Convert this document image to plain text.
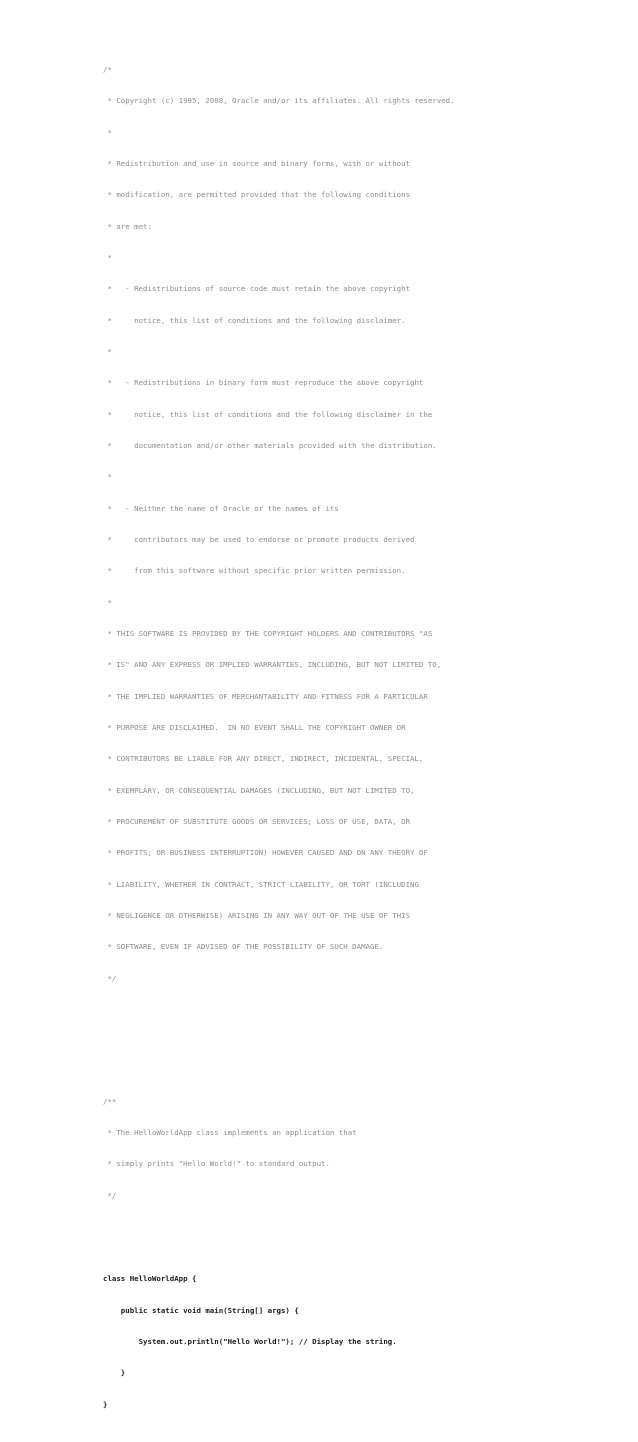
/*

* Copyright (c) 1995, 2008, Oracle and/or its affiliates. All rights reserved.

*

* Redistribution and use in source and binary forms, with or without

* modification, are permitted provided that the following conditions

* are met:

*

*   - Redistributions of source code must retain the above copyright

*     notice, this list of conditions and the following disclaimer.

*

*   - Redistributions in binary form must reproduce the above copyright

*     notice, this list of conditions and the following disclaimer in the

*     documentation and/or other materials provided with the distribution.

*

*   - Neither the name of Oracle or the names of its

*     contributors may be used to endorse or promote products derived

*     from this software without specific prior written permission.

*

* THIS SOFTWARE IS PROVIDED BY THE COPYRIGHT HOLDERS AND CONTRIBUTORS "AS

* IS" AND ANY EXPRESS OR IMPLIED WARRANTIES, INCLUDING, BUT NOT LIMITED TO,

* THE IMPLIED WARRANTIES OF MERCHANTABILITY AND FITNESS FOR A PARTICULAR

* PURPOSE ARE DISCLAIMED.  IN NO EVENT SHALL THE COPYRIGHT OWNER OR

* CONTRIBUTORS BE LIABLE FOR ANY DIRECT, INDIRECT, INCIDENTAL, SPECIAL,

* EXEMPLARY, OR CONSEQUENTIAL DAMAGES (INCLUDING, BUT NOT LIMITED TO,

* PROCUREMENT OF SUBSTITUTE GOODS OR SERVICES; LOSS OF USE, DATA, OR

* PROFITS; OR BUSINESS INTERRUPTION) HOWEVER CAUSED AND ON ANY THEORY OF

* LIABILITY, WHETHER IN CONTRACT, STRICT LIABILITY, OR TORT (INCLUDING

* NEGLIGENCE OR OTHERWISE) ARISING IN ANY WAY OUT OF THE USE OF THIS

* SOFTWARE, EVEN IF ADVISED OF THE POSSIBILITY OF SUCH DAMAGE.

*/

/**

* The HelloWorldApp class implements an application that

* simply prints "Hello World!" to standard output.

*/

class HelloWorldApp {

public static void main(String[] args) {

System.out.println("Hello World!"); // Display the string.

}

}
